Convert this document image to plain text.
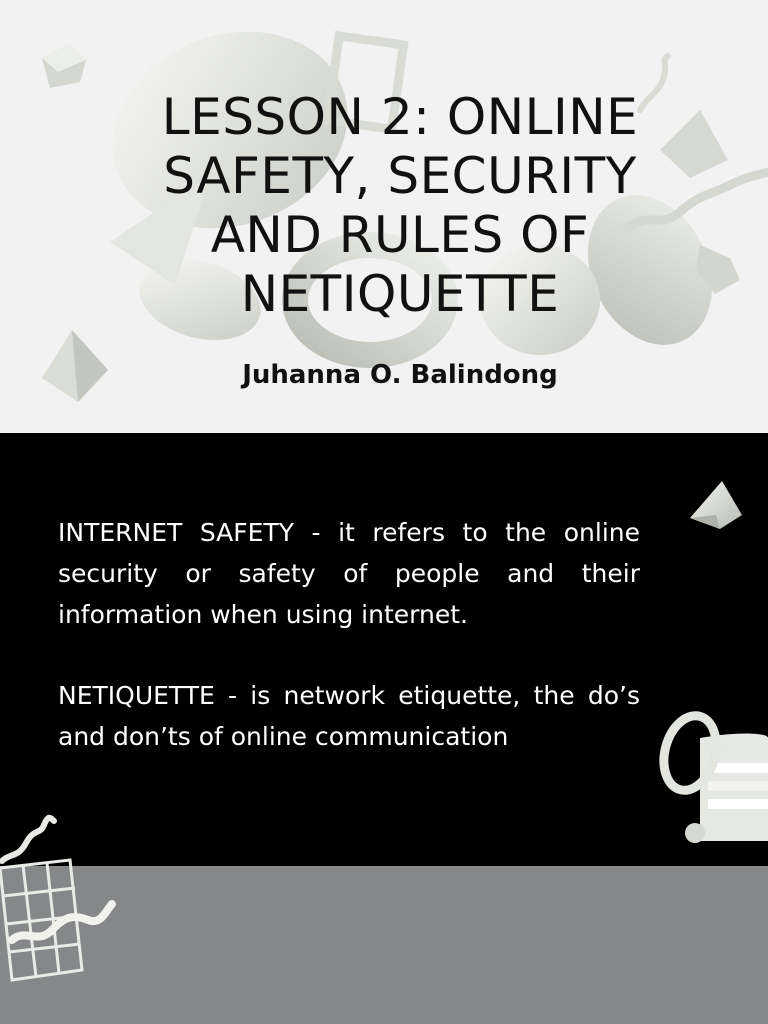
LESSON 2: ONLINE SAFETY, SECURITY AND RULES OF NETIQUETTE
Juhanna O. Balindong
INTERNET SAFETY - it refers to the online security or safety of people and their information when using internet.
NETIQUETTE - is network etiquette, the do’s and don’ts of online communication
